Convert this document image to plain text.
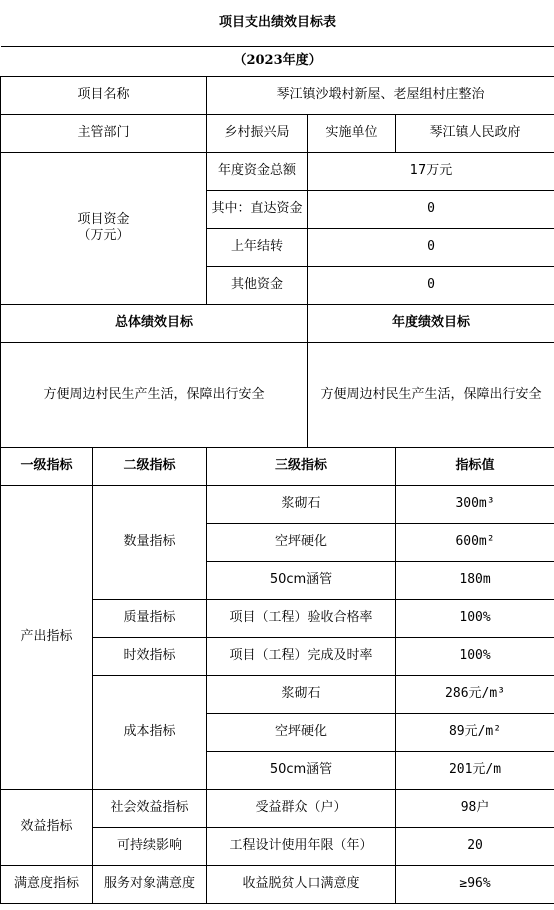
项目支出绩效目标表				
（2023年度）				
项目名称		琴江镇沙塅村新屋、老屋组村庄整治		
主管部门		乡村振兴局	实施单位	琴江镇人民政府

项目资金
（万元）		年度资金总额	17万元	
		其中：直达资金	0	
		上年结转	0	
		其他资金	0	
总体绩效目标			年度绩效目标	
方便周边村民生产生活，保障出行安全			方便周边村民生产生活，保障出行安全	
一级指标	二级指标	三级指标		指标值
产出指标	数量指标	浆砌石		300m³
		空坪硬化		600m²
		50cm涵管		180m
	质量指标	项目（工程）验收合格率		100%
	时效指标	项目（工程）完成及时率		100%
	成本指标	浆砌石		286元/m³
		空坪硬化		89元/m²
		50cm涵管		201元/m
效益指标	社会效益指标	受益群众（户）		98户
	可持续影响	工程设计使用年限（年）		20
满意度指标	服务对象满意度	收益脱贫人口满意度		≥96%
